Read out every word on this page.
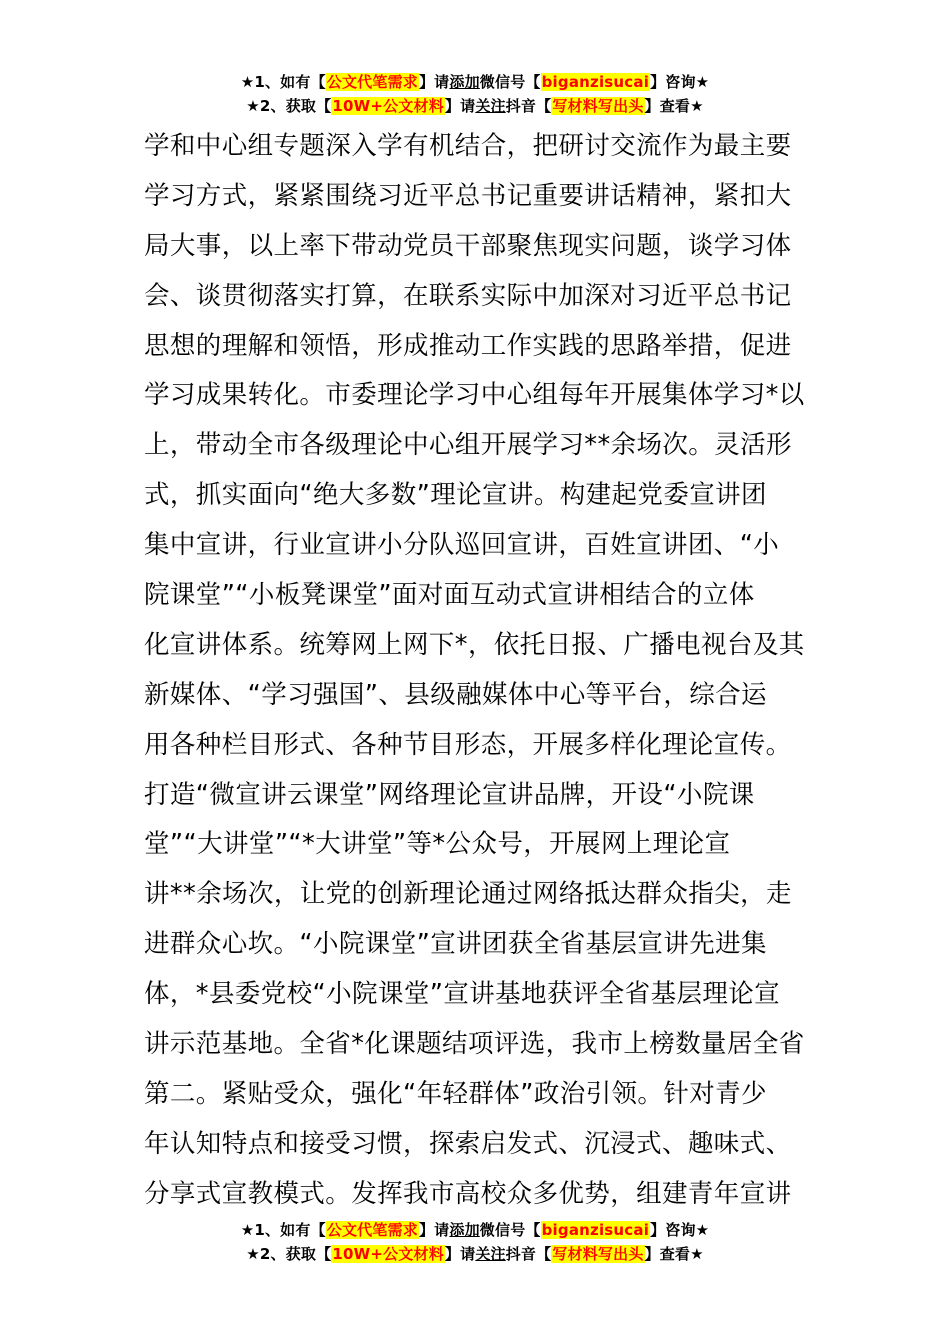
★1、如有【公文代笔需求】请添加微信号【biganzisucai】咨询★
★2、获取【10W+公文材料】请关注抖音【写材料写出头】查看★
学和中心组专题深入学有机结合，把研讨交流作为最主要
学习方式，紧紧围绕习近平总书记重要讲话精神，紧扣大
局大事，以上率下带动党员干部聚焦现实问题，谈学习体
会、谈贯彻落实打算，在联系实际中加深对习近平总书记
思想的理解和领悟，形成推动工作实践的思路举措，促进
学习成果转化。市委理论学习中心组每年开展集体学习*以
上，带动全市各级理论中心组开展学习**余场次。灵活形
式，抓实面向“绝大多数”理论宣讲。构建起党委宣讲团
集中宣讲，行业宣讲小分队巡回宣讲，百姓宣讲团、“小
院课堂”“小板凳课堂”面对面互动式宣讲相结合的立体
化宣讲体系。统筹网上网下*，依托日报、广播电视台及其
新媒体、“学习强国”、县级融媒体中心等平台，综合运
用各种栏目形式、各种节目形态，开展多样化理论宣传。
打造“微宣讲云课堂”网络理论宣讲品牌，开设“小院课
堂”“大讲堂”“*大讲堂”等*公众号，开展网上理论宣
讲**余场次，让党的创新理论通过网络抵达群众指尖，走
进群众心坎。“小院课堂”宣讲团获全省基层宣讲先进集
体，*县委党校“小院课堂”宣讲基地获评全省基层理论宣
讲示范基地。全省*化课题结项评选，我市上榜数量居全省
第二。紧贴受众，强化“年轻群体”政治引领。针对青少
年认知特点和接受习惯，探索启发式、沉浸式、趣味式、
分享式宣教模式。发挥我市高校众多优势，组建青年宣讲
★1、如有【公文代笔需求】请添加微信号【biganzisucai】咨询★
★2、获取【10W+公文材料】请关注抖音【写材料写出头】查看★
